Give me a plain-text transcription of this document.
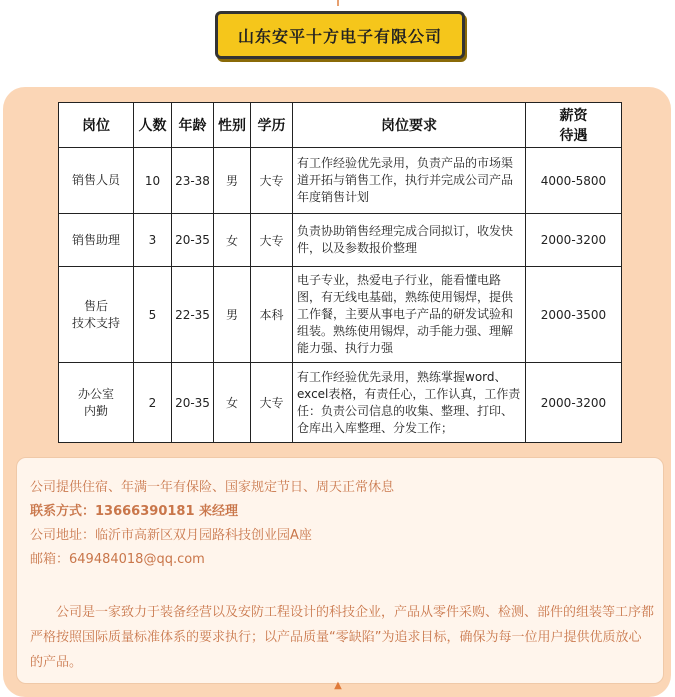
山东安平十方电子有限公司
岗位	人数	年龄	性别	学历	岗位要求	薪资
待遇

销售人员	10	23-38	男	大专	有工作经验优先录用，负责产品的市场渠道开拓与销售工作，执行并完成公司产品年度销售计划	4000-5800

销售助理	3	20-35	女	大专	负责协助销售经理完成合同拟订，收发快件，以及参数报价整理	2000-3200

售后
技术支持	5	22-35	男	本科	电子专业，热爱电子行业，能看懂电路图，有无线电基础，熟练使用锡焊，提供工作餐，主要从事电子产品的研发试验和组装。熟练使用锡焊，动手能力强、理解能力强、执行力强	2000-3500

办公室
内勤	2	20-35	女	大专	有工作经验优先录用，熟练掌握word、excel表格，有责任心，工作认真，工作责任：负责公司信息的收集、整理、打印、仓库出入库整理、分发工作；	2000-3200
公司提供住宿、年满一年有保险、国家规定节日、周天正常休息
联系方式：13666390181 来经理
公司地址：临沂市高新区双月园路科技创业园A座
邮箱：649484018@qq.com
公司是一家致力于装备经营以及安防工程设计的科技企业，产品从零件采购、检测、部件的组装等工序都严格按照国际质量标准体系的要求执行；以产品质量“零缺陷”为追求目标，确保为每一位用户提供优质放心的产品。
▲
